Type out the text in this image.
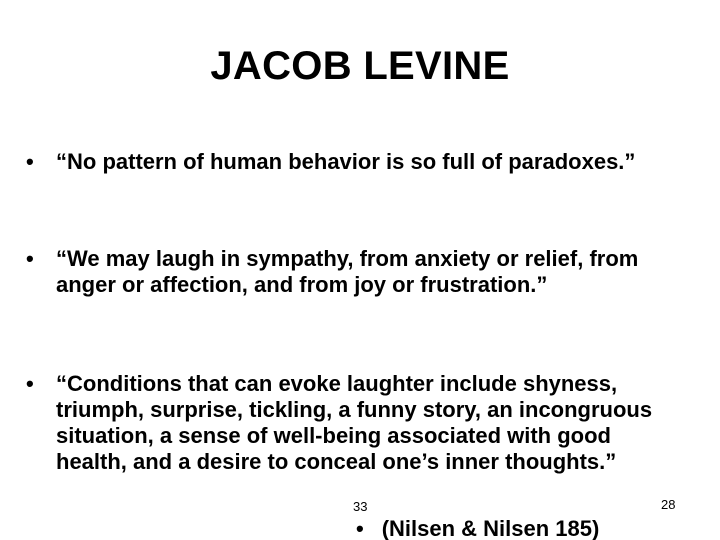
JACOB LEVINE
•	“No pattern of human behavior is so full of paradoxes.”
•	“We may laugh in sympathy, from anxiety or relief, from anger or affection, and from joy or frustration.”
•	“Conditions that can evoke laughter include shyness, triumph, surprise, tickling, a funny story, an incongruous situation, a sense of well-being associated with good health, and a desire to conceal one’s inner thoughts.”
33	28
• (Nilsen & Nilsen 185)
